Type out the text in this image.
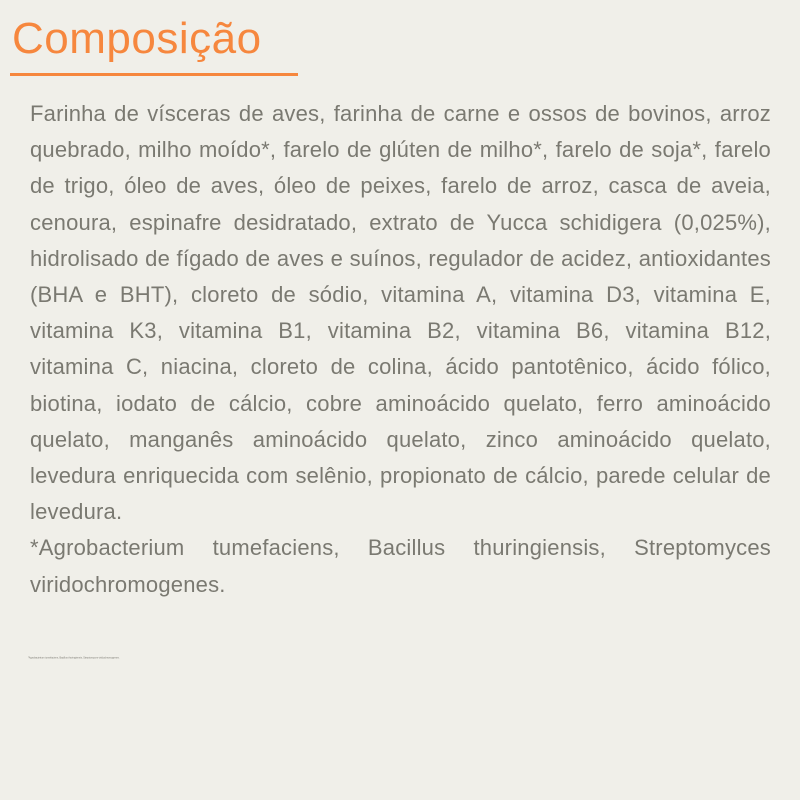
Composição

Farinha de vísceras de aves, farinha de carne e ossos de bovinos, arroz quebrado, milho moído*, farelo de glúten de milho*, farelo de soja*, farelo de trigo, óleo de aves, óleo de peixes, farelo de arroz, casca de aveia, cenoura, espinafre desidratado, extrato de Yucca schidigera (0,025%), hidrolisado de fígado de aves e suínos, regulador de acidez, antioxidantes (BHA e BHT), cloreto de sódio, vitamina A, vitamina D3, vitamina E, vitamina K3, vitamina B1, vitamina B2, vitamina B6, vitamina B12, vitamina C, niacina, cloreto de colina, ácido pantotênico, ácido fólico, biotina, iodato de cálcio, cobre aminoácido quelato, ferro aminoácido quelato, manganês aminoácido quelato, zinco aminoácido quelato, levedura enriquecida com selênio, propionato de cálcio, parede celular de levedura.

*Agrobacterium tumefaciens, Bacillus thuringiensis, Streptomyces viridochromogenes.

*Agrobacterium tumefaciens, Bacillus thuringiensis, Streptomyces viridochromogenes.
